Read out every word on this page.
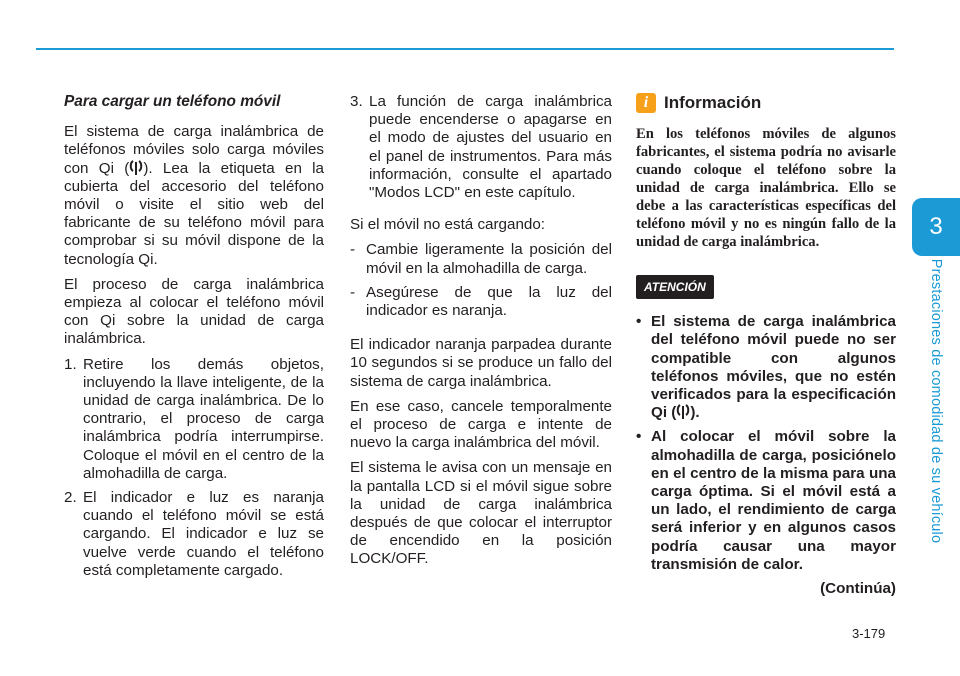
3
Prestaciones de comodidad de su vehículo

Para cargar un teléfono móvil

El sistema de carga inalámbrica de teléfonos móviles solo carga móviles con Qi ( ). Lea la etiqueta en la cubierta del accesorio del teléfono móvil o visite el sitio web del fabricante de su teléfono móvil para comprobar si su móvil dispone de la tecnología Qi.

El proceso de carga inalámbrica empieza al colocar el teléfono móvil con Qi sobre la unidad de carga inalámbrica.

1. Retire los demás objetos, incluyendo la llave inteligente, de la unidad de carga inalámbrica. De lo contrario, el proceso de carga inalámbrica podría interrumpirse. Coloque el móvil en el centro de la almohadilla de carga.
2. El indicador e luz es naranja cuando el teléfono móvil se está cargando. El indicador e luz se vuelve verde cuando el teléfono está completamente cargado.
3. La función de carga inalámbrica puede encenderse o apagarse en el modo de ajustes del usuario en el panel de instrumentos. Para más información, consulte el apartado "Modos LCD" en este capítulo.

Si el móvil no está cargando:

- Cambie ligeramente la posición del móvil en la almohadilla de carga.
- Asegúrese de que la luz del indicador es naranja.

El indicador naranja parpadea durante 10 segundos si se produce un fallo del sistema de carga inalámbrica.

En ese caso, cancele temporalmente el proceso de carga e intente de nuevo la carga inalámbrica del móvil.

El sistema le avisa con un mensaje en la pantalla LCD si el móvil sigue sobre la unidad de carga inalámbrica después de que colocar el interruptor de encendido en la posición LOCK/OFF.

i Información

En los teléfonos móviles de algunos fabricantes, el sistema podría no avisarle cuando coloque el teléfono sobre la unidad de carga inalámbrica. Ello se debe a las características específicas del teléfono móvil y no es ningún fallo de la unidad de carga inalámbrica.

ATENCIÓN
• El sistema de carga inalámbrica del teléfono móvil puede no ser compatible con algunos teléfonos móviles, que no estén verificados para la especificación Qi ( ).
• Al colocar el móvil sobre la almohadilla de carga, posiciónelo en el centro de la misma para una carga óptima. Si el móvil está a un lado, el rendimiento de carga será inferior y en algunos casos podría causar una mayor transmisión de calor.

(Continúa)

3-179
